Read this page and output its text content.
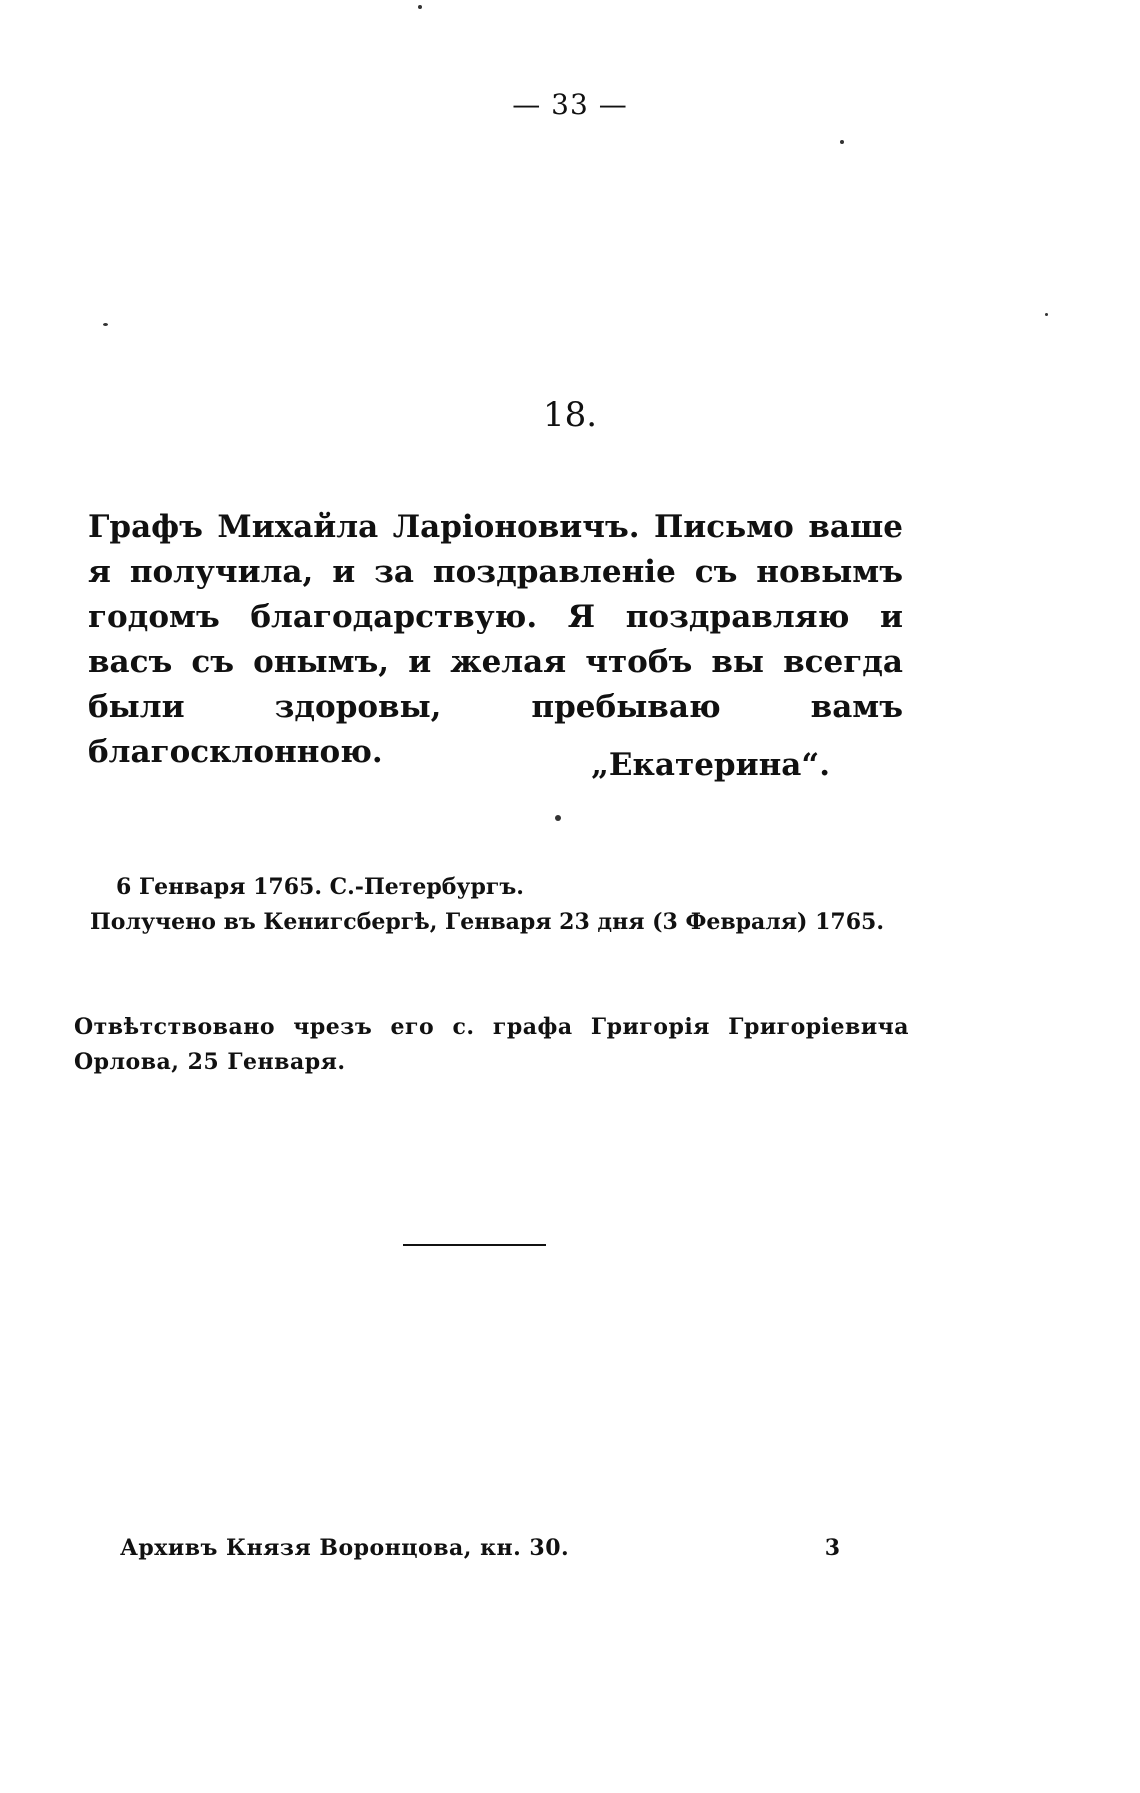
— 33 —
18.

Графъ Михайла Ларіоновичъ. Письмо ваше я получила, и за поздравленіе съ новымъ годомъ благодарствую. Я поздравляю и васъ съ онымъ, и желая чтобъ вы всегда были здоровы, пребываю вамъ благосклонною.	„Екатерина“.
6 Генваря 1765. С.-Петербургъ.
Получено въ Кенигсбергѣ, Генваря 23 дня (3 Февраля) 1765.

Отвѣтствовано чрезъ его с. графа Григорія Григоріевича Орлова, 25 Генваря.

Архивъ Князя Воронцова, кн. 30.	3
